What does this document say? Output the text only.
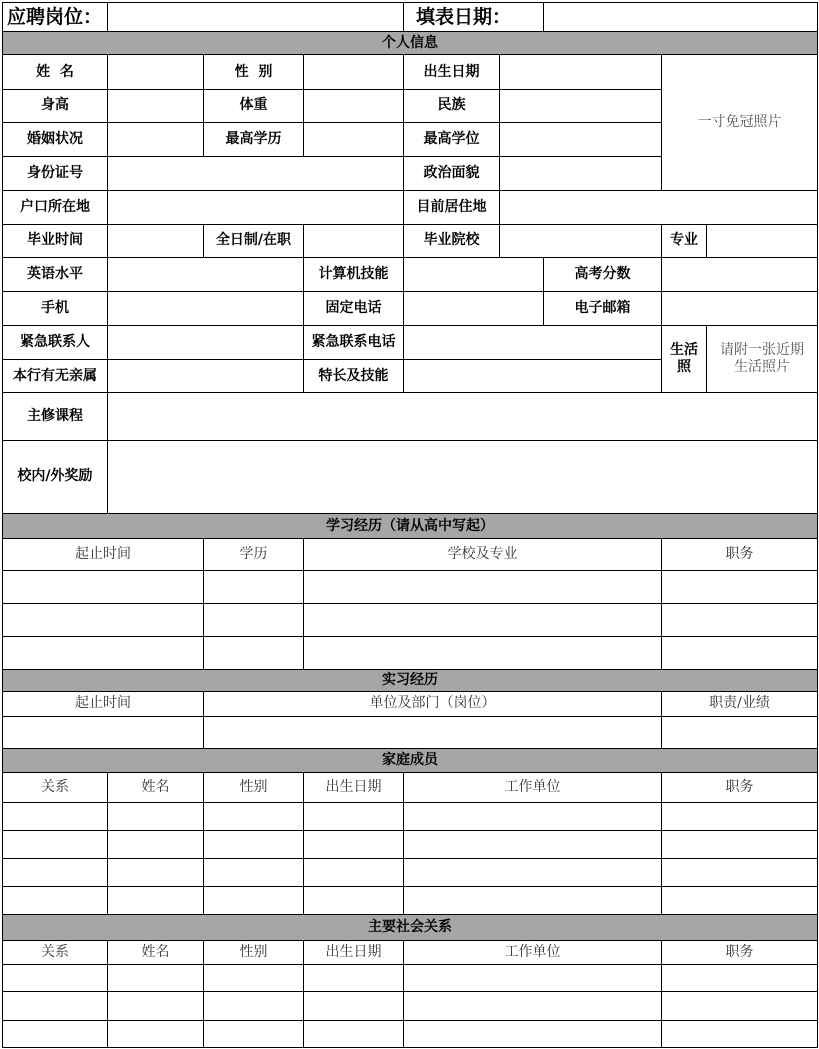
应聘岗位：				填表日期：				
个人信息								
姓  名		性  别		出生日期			一寸免冠照片	
身高		体重		民族				
婚姻状况		最高学历		最高学位				
身份证号				政治面貌				
户口所在地				目前居住地				
毕业时间		全日制/在职		毕业院校			专业	
英语水平			计算机技能			高考分数		
手机			固定电话			电子邮箱		
紧急联系人			紧急联系电话				生活照	请附一张近期生活照片
本行有无亲属			特长及技能					
主修课程								
校内/外奖励								
学习经历（请从高中写起）								
起止时间		学历	学校及专业				职务	

实习经历								
起止时间		单位及部门（岗位）					职责/业绩	

家庭成员								
关系	姓名	性别	出生日期	工作单位			职务	

主要社会关系								
关系	姓名	性别	出生日期	工作单位			职务	
